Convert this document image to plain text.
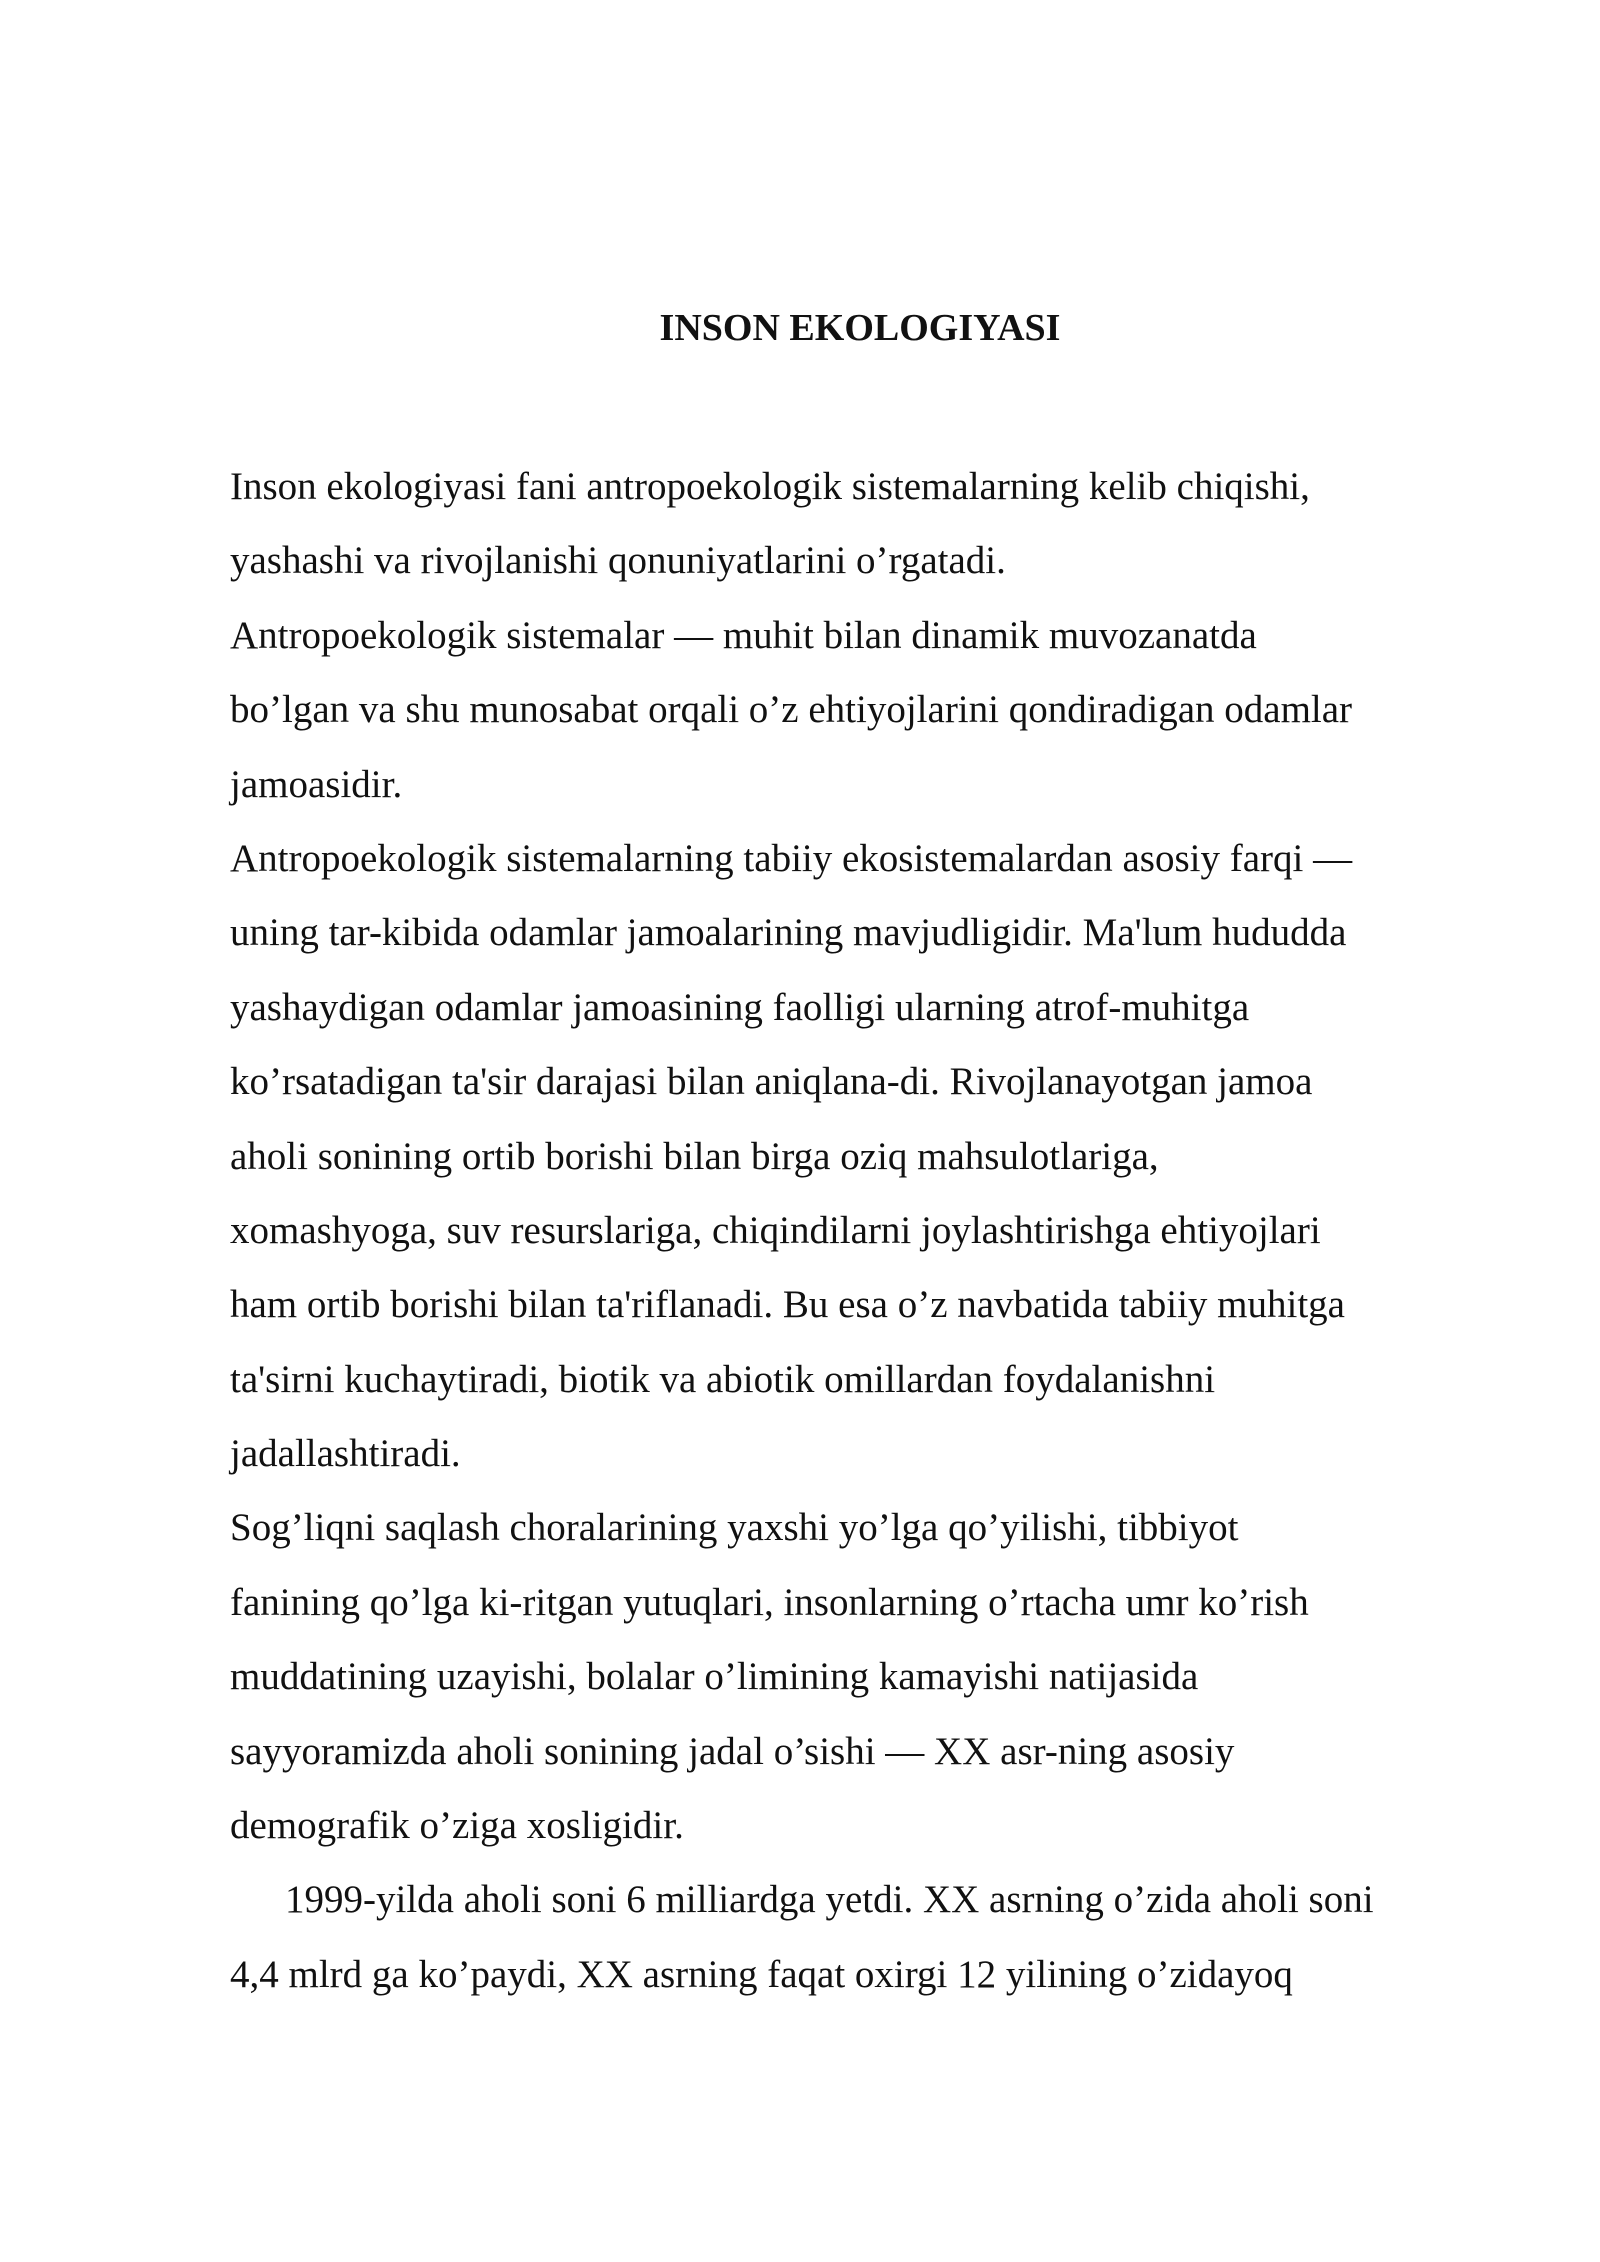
INSON EKOLOGIYASI
Inson ekologiyasi fani antropoekologik sistemalarning kelib chiqishi,
yashashi va rivojlanishi qonuniyatlarini o’rgatadi.
Antropoekologik sistemalar — muhit bilan dinamik muvozanatda
bo’lgan va shu munosabat orqali o’z ehtiyojlarini qondiradigan odamlar
jamoasidir.
Antropoekologik sistemalarning tabiiy ekosistemalardan asosiy farqi —
uning tar-kibida odamlar jamoalarining mavjudligidir. Ma'lum hududda
yashaydigan odamlar jamoasining faolligi ularning atrof-muhitga
ko’rsatadigan ta'sir darajasi bilan aniqlana-di. Rivojlanayotgan jamoa
aholi sonining ortib borishi bilan birga oziq mahsulotlariga,
xomashyoga, suv resurslariga, chiqindilarni joylashtirishga ehtiyojlari
ham ortib borishi bilan ta'riflanadi. Bu esa o’z navbatida tabiiy muhitga
ta'sirni kuchaytiradi, biotik va abiotik omillardan foydalanishni
jadallashtiradi.
Sog’liqni saqlash choralarining yaxshi yo’lga qo’yilishi, tibbiyot
fanining qo’lga ki-ritgan yutuqlari, insonlarning o’rtacha umr ko’rish
muddatining uzayishi, bolalar o’limining kamayishi natijasida
sayyoramizda aholi sonining jadal o’sishi — XX asr-ning asosiy
demografik o’ziga xosligidir.
1999-yilda aholi soni 6 milliardga yetdi. XX asrning o’zida aholi soni
4,4 mlrd ga ko’paydi, XX asrning faqat oxirgi 12 yilining o’zidayoq
